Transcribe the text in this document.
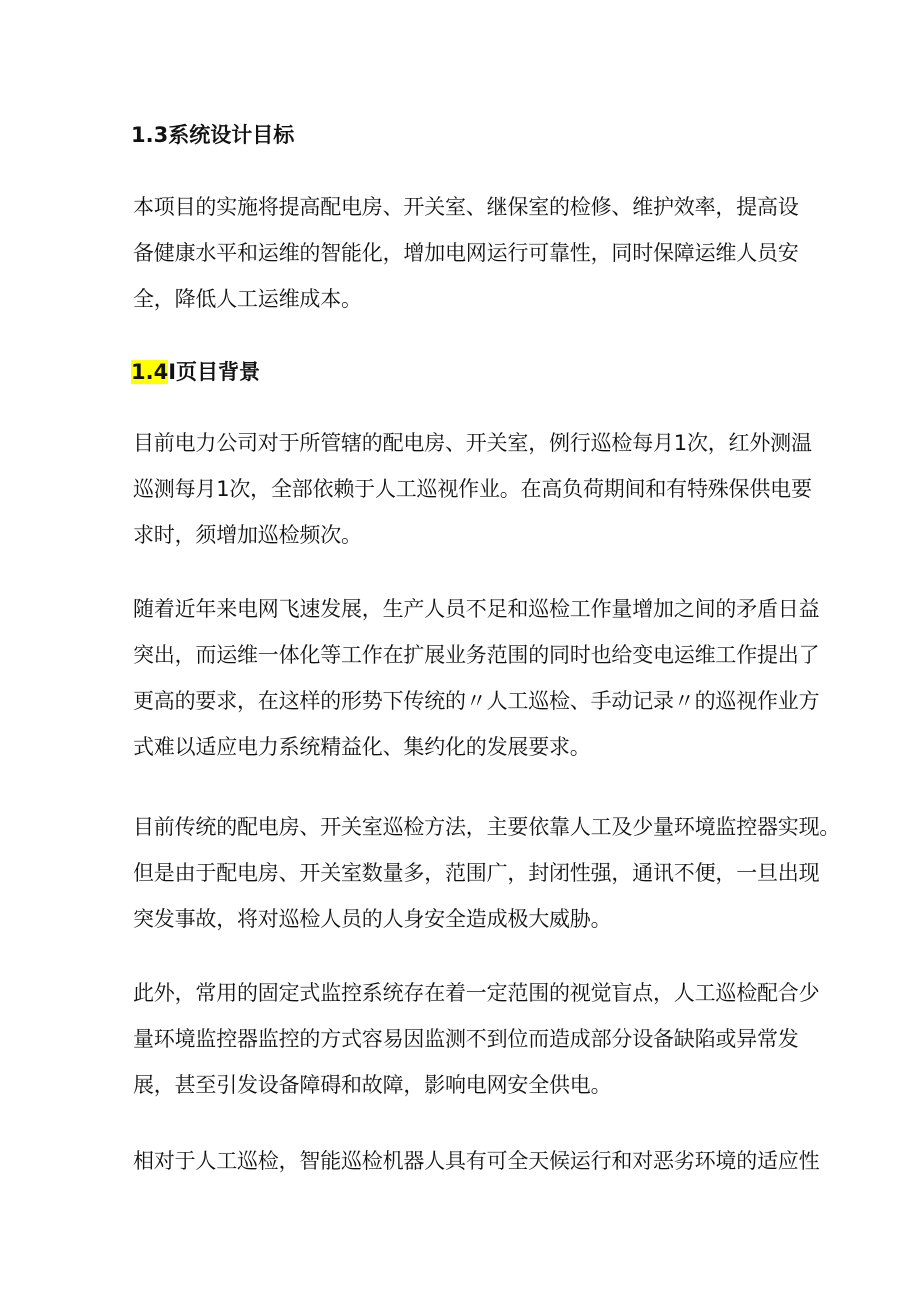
1.3系统设计目标

本项目的实施将提高配电房、开关室、继保室的检修、维护效率，提高设
备健康水平和运维的智能化，增加电网运行可靠性，同时保障运维人员安
全，降低人工运维成本。

1.4I页目背景

目前电力公司对于所管辖的配电房、开关室，例行巡检每月1次，红外测温
巡测每月1次，全部依赖于人工巡视作业。在高负荷期间和有特殊保供电要
求时，须增加巡检频次。

随着近年来电网飞速发展，生产人员不足和巡检工作量增加之间的矛盾日益
突出，而运维一体化等工作在扩展业务范围的同时也给变电运维工作提出了
更高的要求，在这样的形势下传统的〃人工巡检、手动记录〃的巡视作业方
式难以适应电力系统精益化、集约化的发展要求。

目前传统的配电房、开关室巡检方法，主要依靠人工及少量环境监控器实现。
但是由于配电房、开关室数量多，范围广，封闭性强，通讯不便，一旦出现
突发事故，将对巡检人员的人身安全造成极大威胁。

此外，常用的固定式监控系统存在着一定范围的视觉盲点，人工巡检配合少
量环境监控器监控的方式容易因监测不到位而造成部分设备缺陷或异常发
展，甚至引发设备障碍和故障，影响电网安全供电。

相对于人工巡检，智能巡检机器人具有可全天候运行和对恶劣环境的适应性
